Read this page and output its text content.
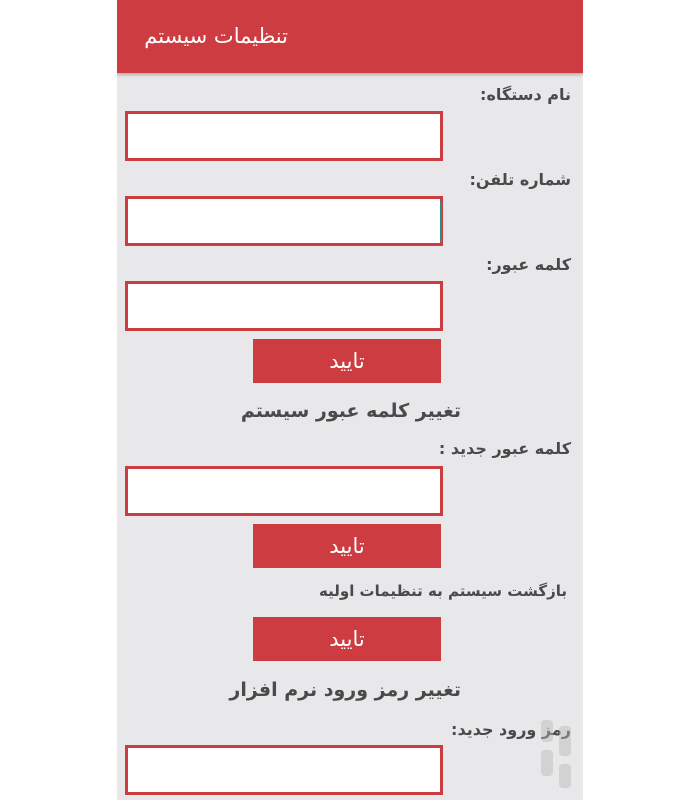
تنظیمات سیستم
نام دستگاه:
شماره تلفن:
کلمه عبور:
تایید
تغییر کلمه عبور سیستم
کلمه عبور جدید :
تایید
بازگشت سیستم به تنظیمات اولیه
تایید
تغییر رمز ورود نرم افزار
رمز ورود جدید:
